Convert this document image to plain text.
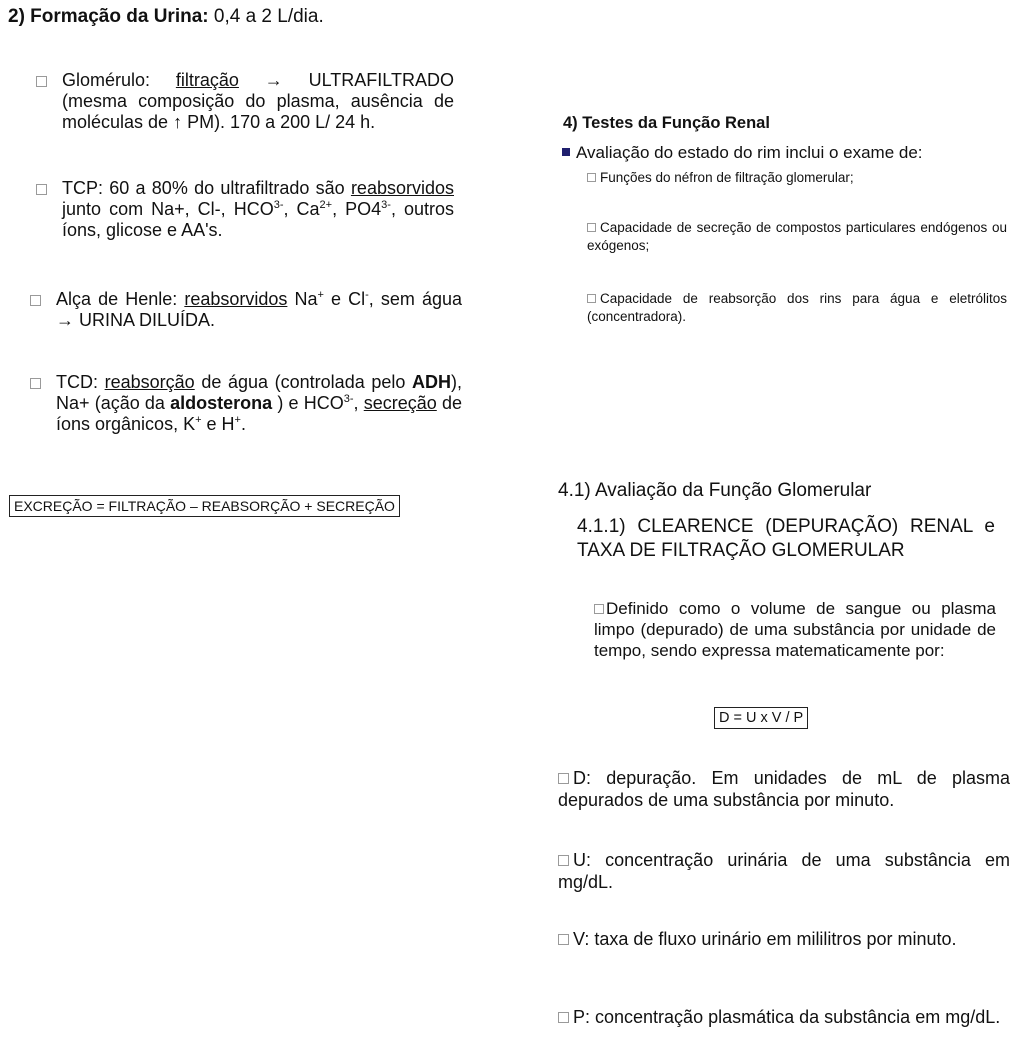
2) Formação da Urina: 0,4 a 2 L/dia.
Glomérulo: filtração → ULTRAFILTRADO (mesma composição do plasma, ausência de moléculas de ↑ PM). 170 a 200 L/ 24 h.
TCP: 60 a 80% do ultrafiltrado são reabsorvidos junto com Na+, Cl-, $HCO^{3-}$, $Ca^{2+}$, $PO4^{3-}$, outros íons, glicose e AA's.
Alça de Henle: reabsorvidos Na+ e Cl-, sem água → URINA DILUÍDA.
TCD: reabsorção de água (controlada pelo ADH), Na+ (ação da aldosterona ) e $HCO^{3-}$, secreção de íons orgânicos, K+ e H+.
EXCREÇÃO = FILTRAÇÃO – REABSORÇÃO + SECREÇÃO
4) Testes da Função Renal
Avaliação do estado do rim inclui o exame de:
Funções do néfron de filtração glomerular;
Capacidade de secreção de compostos particulares endógenos ou exógenos;
Capacidade de reabsorção dos rins para água e eletrólitos (concentradora).
4.1) Avaliação da Função Glomerular
4.1.1) CLEARENCE (DEPURAÇÃO) RENAL e TAXA DE FILTRAÇÃO GLOMERULAR
Definido como o volume de sangue ou plasma limpo (depurado) de uma substância por unidade de tempo, sendo expressa matematicamente por:
D = U x V / P
D: depuração. Em unidades de mL de plasma depurados de uma substância por minuto.
U: concentração urinária de uma substância em mg/dL.
V: taxa de fluxo urinário em mililitros por minuto.
P: concentração plasmática da substância em mg/dL.
